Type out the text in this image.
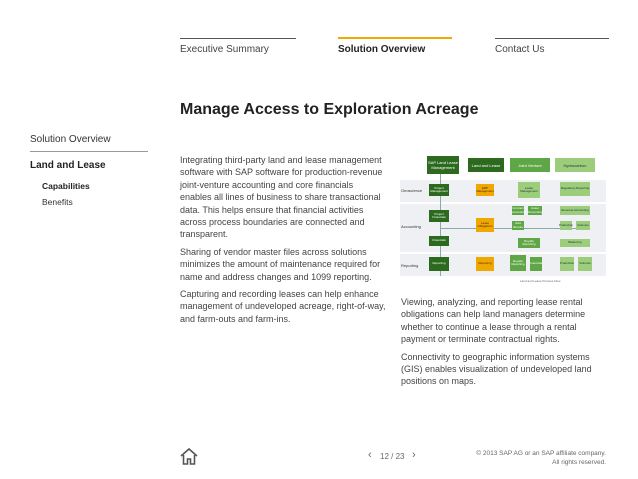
Executive Summary	Solution Overview	Contact Us
Manage Access to Exploration Acreage
Solution Overview
Land and Lease
Capabilities
Benefits

Integrating third-party land and lease management software with SAP software for production-revenue joint-venture accounting and core financials enables all lines of business to share transactional data. This helps ensure that financial activities across process boundaries are connected and transparent.

Sharing of vendor master files across solutions minimizes the amount of maintenance required for name and address changes and 1099 reporting.

Capturing and recording leases can help enhance management of undeveloped acreage, right-of-way, and farm-outs and farm-ins.

Geoscience
Accounting
Reporting
SAP Land Lease Management	Land and Lease	Joint Venture	Hydrocarbon
Project Management
ERP Management
Lease Management
Regulatory Reporting
Project Financials
Lease Obligations
Contract Accounting
Asset Accounting
Joint Venture
Revenue Accounting
Production	Volumes
Financials	Balancing
Royalty Reporting
Reporting	Reporting
Royalty Reporting	Financials	Production	Volumes
Land and Lease Process Flow

Viewing, analyzing, and reporting lease rental obligations can help land managers determine whether to continue a lease through a rental payment or terminate contractual rights.

Connectivity to geographic information systems (GIS) enables visualization of undeveloped land positions on maps.

‹ 12 / 23 ›	© 2013 SAP AG or an SAP affiliate company.
All rights reserved.
